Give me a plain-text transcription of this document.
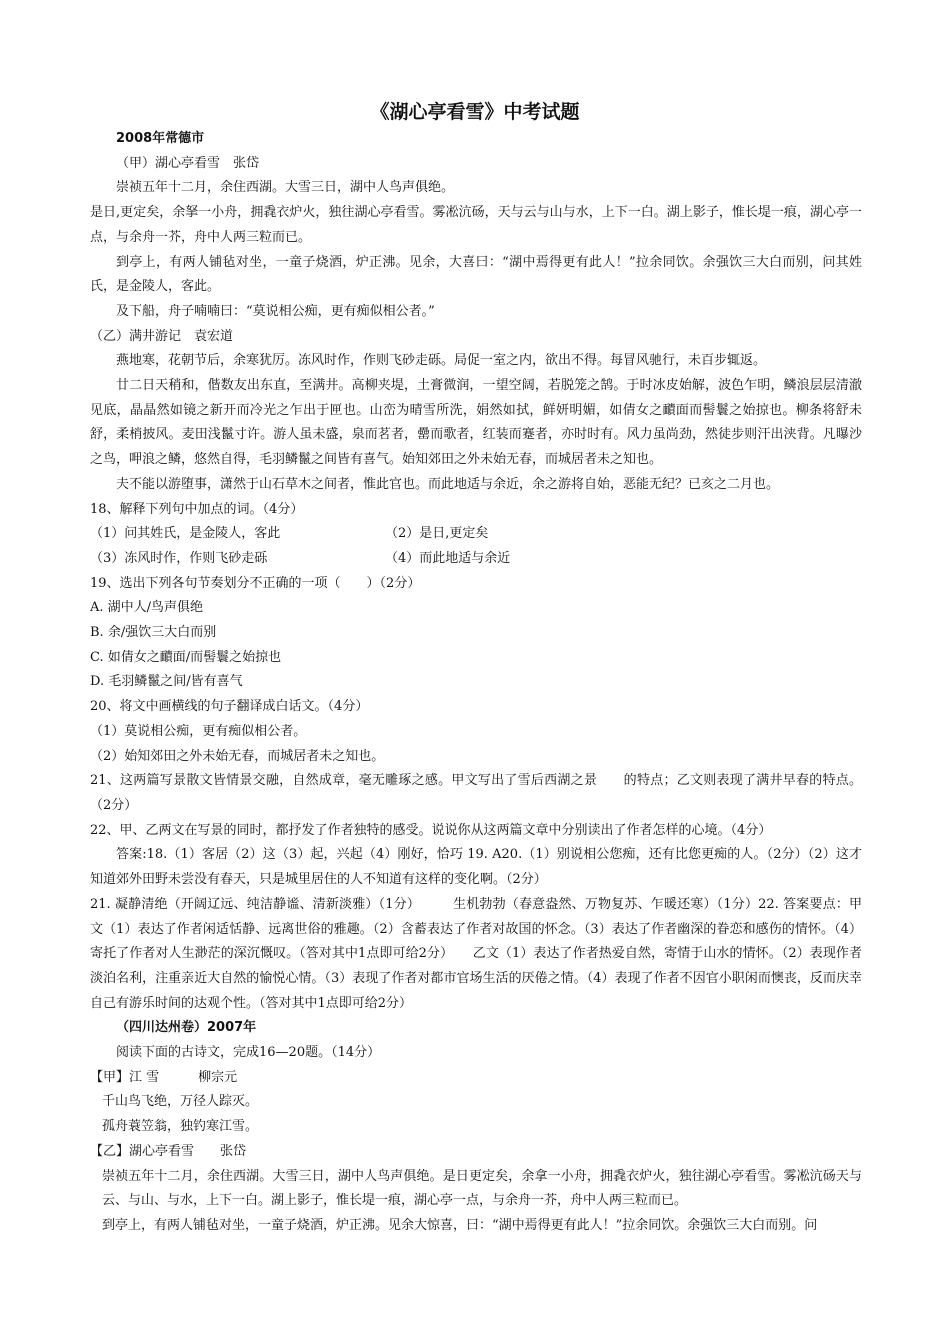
《湖心亭看雪》中考试题

2008年常德市

（甲）湖心亭看雪　张岱

崇祯五年十二月，余住西湖。大雪三日，湖中人鸟声俱绝。

是日,更定矣，余拏一小舟，拥毳衣炉火，独往湖心亭看雪。雾凇沆砀，天与云与山与水，上下一白。湖上影子，惟长堤一痕，湖心亭一点，与余舟一芥，舟中人两三粒而已。

到亭上，有两人铺毡对坐，一童子烧酒，炉正沸。见余，大喜曰：“湖中焉得更有此人！”拉余同饮。余强饮三大白而别，问其姓氏，是金陵人，客此。

及下船，舟子喃喃曰：“莫说相公痴，更有痴似相公者。”

（乙）满井游记　袁宏道

燕地寒，花朝节后，余寒犹厉。冻风时作，作则飞砂走砾。局促一室之内，欲出不得。每冒风驰行，未百步辄返。

廿二日天稍和，偕数友出东直，至满井。高柳夹堤，土膏微润，一望空阔，若脱笼之鹄。于时冰皮始解，波色乍明，鳞浪层层清澈见底，晶晶然如镜之新开而冷光之乍出于匣也。山峦为晴雪所洗，娟然如拭，鲜妍明媚，如倩女之靧面而髻鬟之始掠也。柳条将舒未舒，柔梢披风。麦田浅鬣寸许。游人虽未盛，泉而茗者，罍而歌者，红装而蹇者，亦时时有。风力虽尚劲，然徒步则汗出浃背。凡曝沙之鸟，呷浪之鳞，悠然自得，毛羽鳞鬣之间皆有喜气。始知郊田之外未始无春，而城居者未之知也。

夫不能以游堕事，潇然于山石草木之间者，惟此官也。而此地适与余近，余之游将自始，恶能无纪？已亥之二月也。

18、解释下列句中加点的词。（4分）

（1）问其姓氏，是金陵人，客此	（2）是日,更定矣
（3）冻风时作，作则飞砂走砾	（4）而此地适与余近

19、选出下列各句节奏划分不正确的一项（　　）（2分）

A. 湖中人/鸟声俱绝

B. 余/强饮三大白而别

C. 如倩女之靧面/而髻鬟之始掠也

D. 毛羽鳞鬣之间/皆有喜气

20、将文中画横线的句子翻译成白话文。（4分）

（1）莫说相公痴，更有痴似相公者。

（2）始知郊田之外未始无春，而城居者未之知也。

21、这两篇写景散文皆情景交融，自然成章，毫无雕琢之感。甲文写出了雪后西湖之景　　的特点；乙文则表现了满井早春的特点。（2分）

22、甲、乙两文在写景的同时，都抒发了作者独特的感受。说说你从这两篇文章中分别读出了作者怎样的心境。（4分）

答案:18.（1）客居（2）这（3）起，兴起（4）刚好，恰巧 19. A20.（1）别说相公您痴，还有比您更痴的人。（2分）（2）这才知道郊外田野未尝没有春天，只是城里居住的人不知道有这样的变化啊。（2分）

21. 凝静清绝（开阔辽远、纯洁静谧、清新淡雅）（1分）　　　生机勃勃（春意盎然、万物复苏、乍暖还寒）（1分）22. 答案要点：甲文（1）表达了作者闲适恬静、远离世俗的雅趣。（2）含蓄表达了作者对故国的怀念。（3）表达了作者幽深的眷恋和感伤的情怀。（4）寄托了作者对人生渺茫的深沉慨叹。（答对其中1点即可给2分）　　乙文（1）表达了作者热爱自然，寄情于山水的情怀。（2）表现作者淡泊名利，注重亲近大自然的愉悦心情。（3）表现了作者对都市官场生活的厌倦之情。（4）表现了作者不因官小职闲而懊丧，反而庆幸自己有游乐时间的达观个性。（答对其中1点即可给2分）

（四川达州卷）2007年

阅读下面的古诗文，完成16—20题。（14分）

【甲】江 雪　　　柳宗元

千山鸟飞绝，万径人踪灭。

孤舟蓑笠翁，独钓寒江雪。

【乙】湖心亭看雪　　张岱

崇祯五年十二月，余住西湖。大雪三日，湖中人鸟声俱绝。是日更定矣，余拿一小舟，拥毳衣炉火，独往湖心亭看雪。雾凇沆砀天与云、与山、与水，上下一白。湖上影子，惟长堤一痕，湖心亭一点，与余舟一芥，舟中人两三粒而已。

到亭上，有两人铺毡对坐，一童子烧酒，炉正沸。见余大惊喜，曰：“湖中焉得更有此人！”拉余同饮。余强饮三大白而别。问
